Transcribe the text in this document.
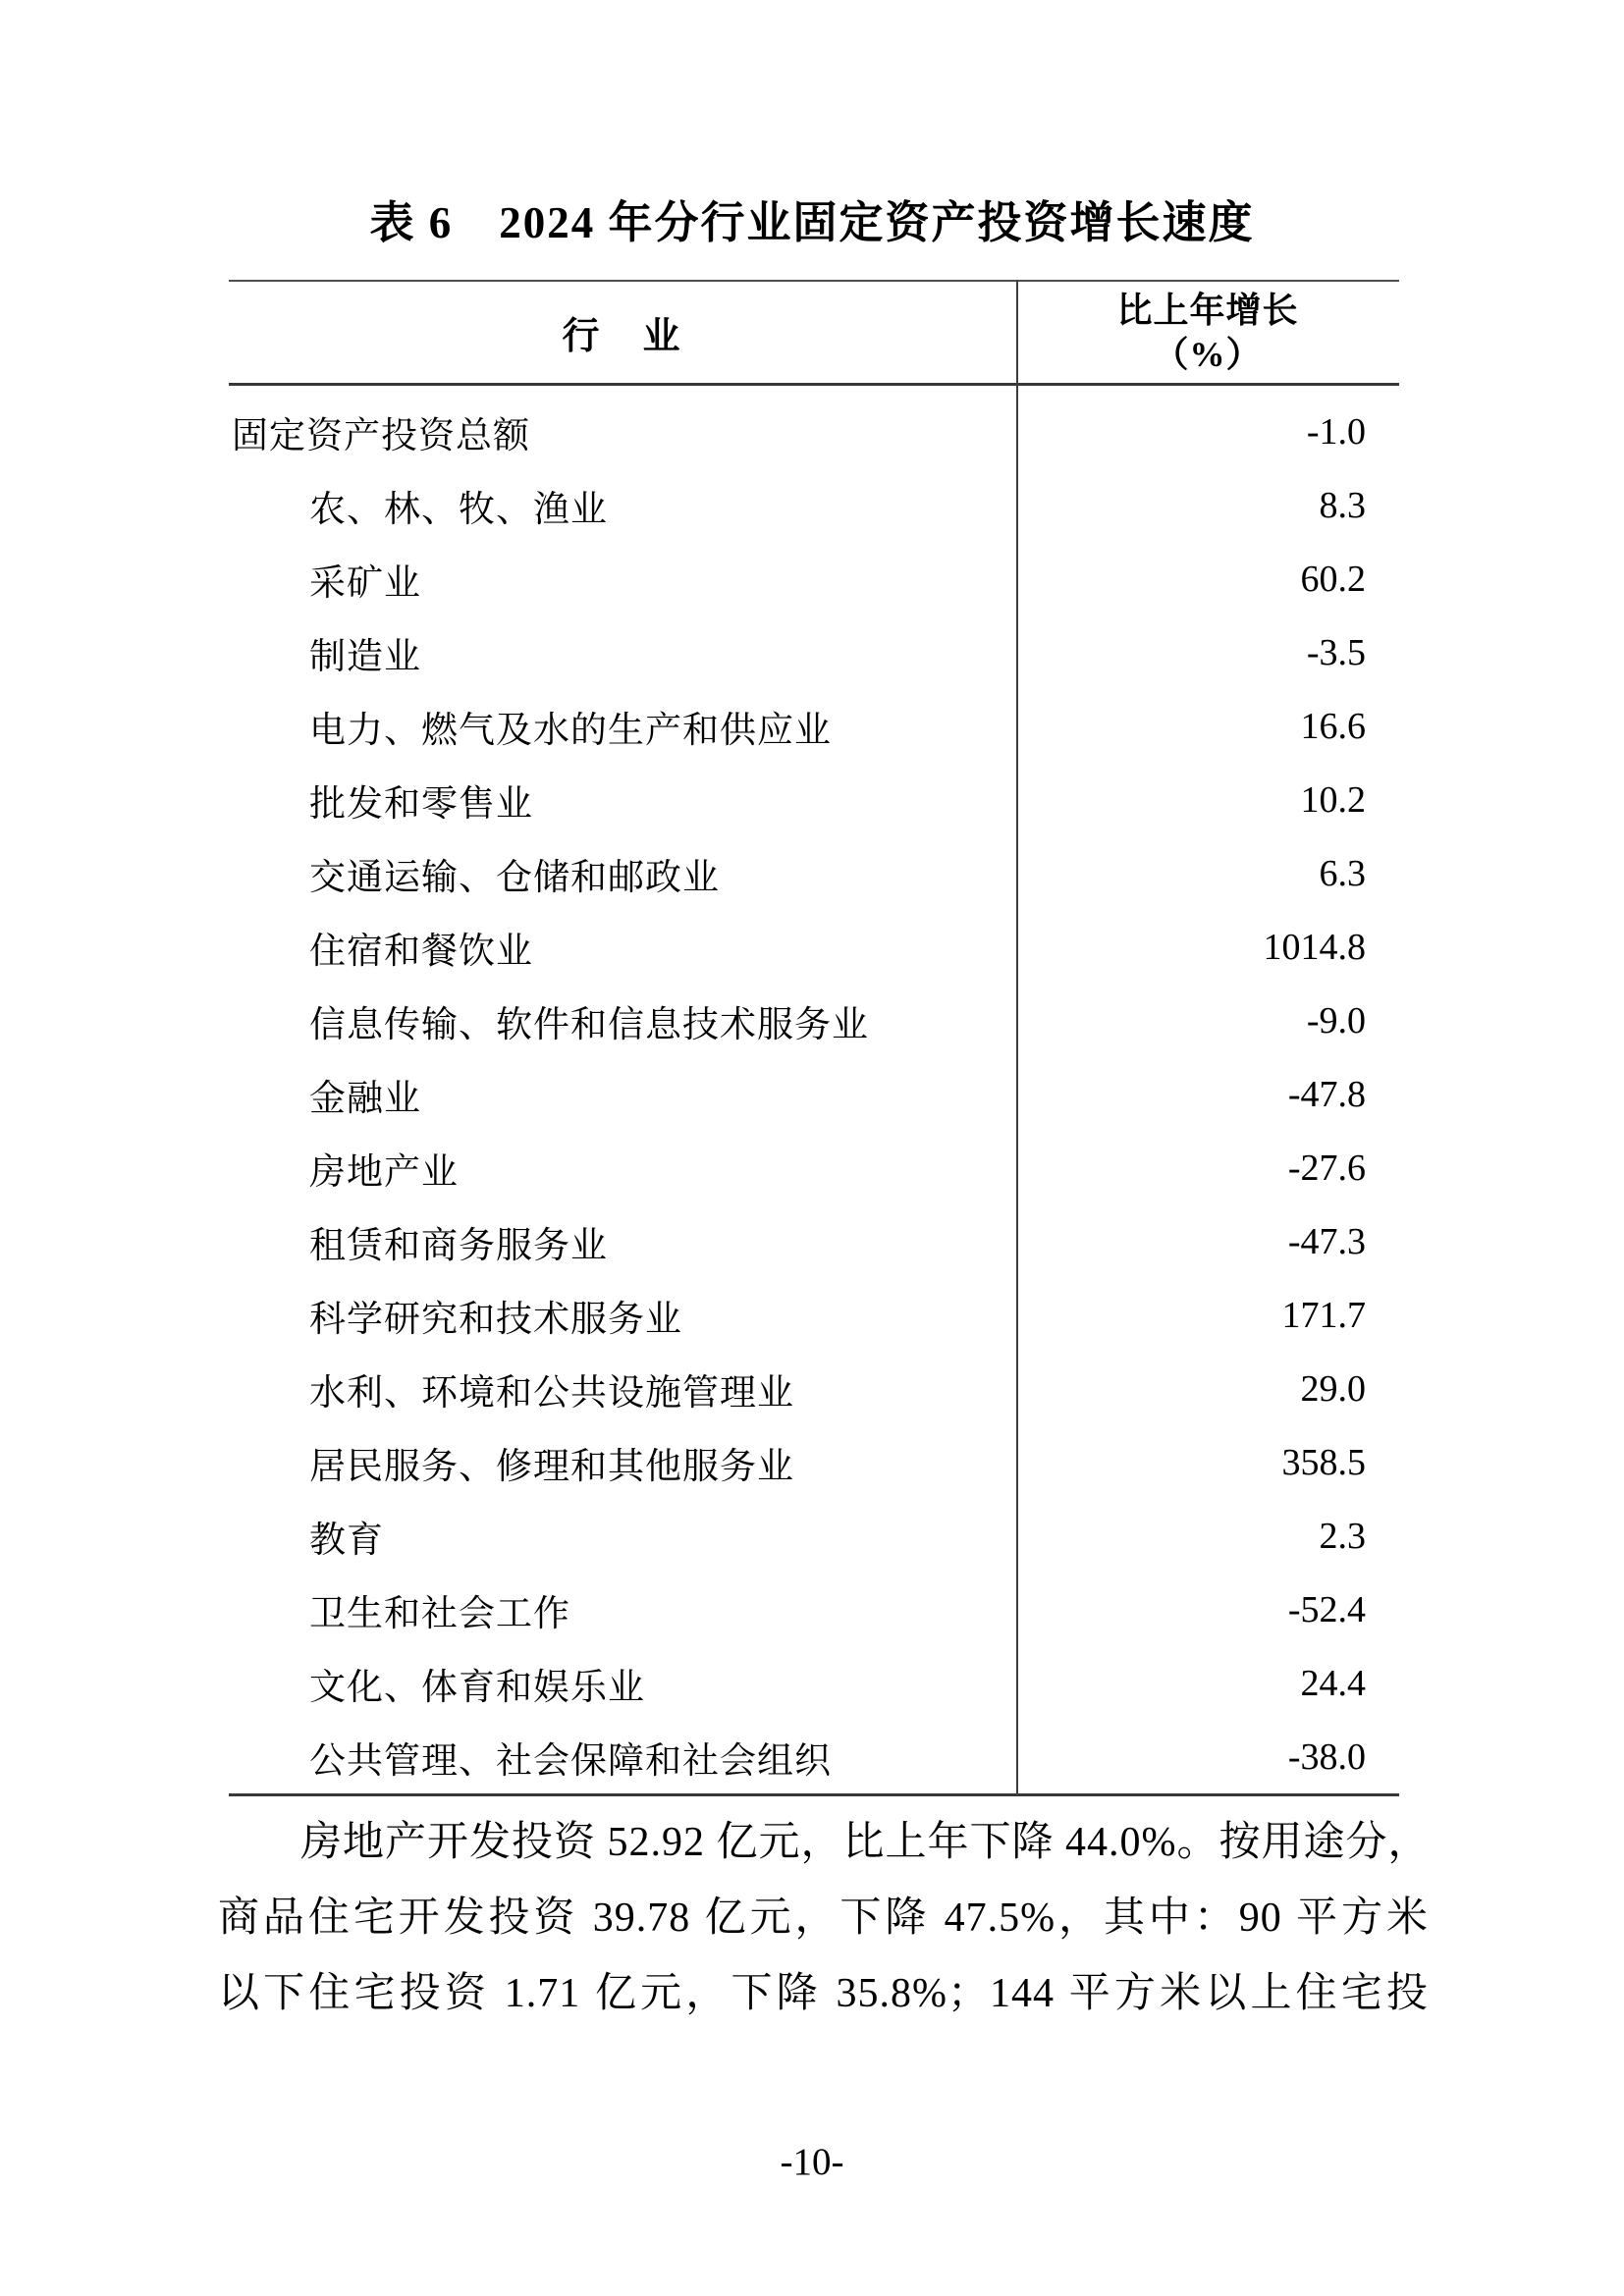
表 6　2024 年分行业固定资产投资增长速度
行　业
比上年增长
（%）
固定资产投资总额	-1.0
农、林、牧、渔业	8.3
采矿业	60.2
制造业	-3.5
电力、燃气及水的生产和供应业	16.6
批发和零售业	10.2
交通运输、仓储和邮政业	6.3
住宿和餐饮业	1014.8
信息传输、软件和信息技术服务业	-9.0
金融业	-47.8
房地产业	-27.6
租赁和商务服务业	-47.3
科学研究和技术服务业	171.7
水利、环境和公共设施管理业	29.0
居民服务、修理和其他服务业	358.5
教育	2.3
卫生和社会工作	-52.4
文化、体育和娱乐业	24.4
公共管理、社会保障和社会组织	-38.0
房地产开发投资 52.92 亿元，比上年下降 44.0%。按用途分，
商品住宅开发投资 39.78 亿元，下降 47.5%，其中：90 平方米
以下住宅投资 1.71 亿元，下降 35.8%；144 平方米以上住宅投
-10-
